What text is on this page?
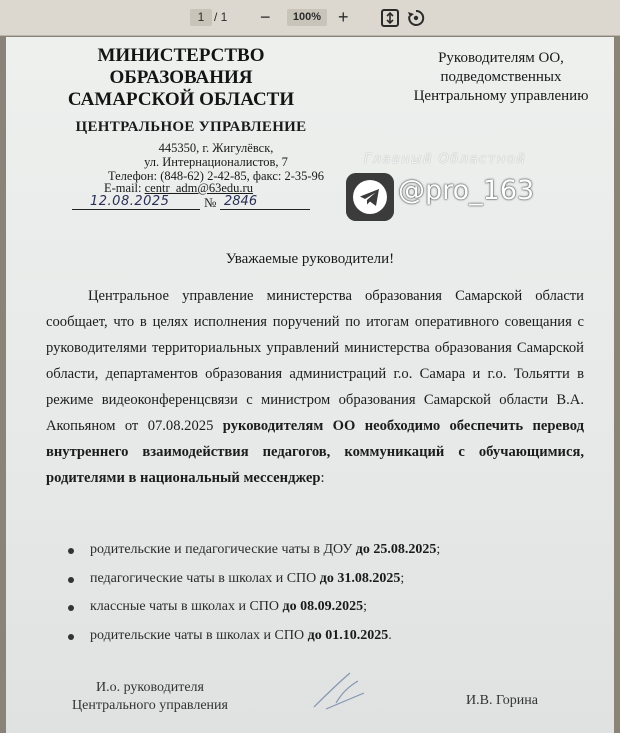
1 / 1 −	100% +
МИНИСТЕРСТВО
ОБРАЗОВАНИЯ
САМАРСКОЙ ОБЛАСТИ
ЦЕНТРАЛЬНОЕ УПРАВЛЕНИЕ
445350, г. Жигулёвск,
ул. Интернационалистов, 7
Телефон: (848-62) 2-42-85, факс: 2-35-96
E-mail: centr_adm@63edu.ru
12.08.2025	№ 2846
Руководителям ОО,
подведомственных
Центральному управлению
Главный Областной
@pro_163
Уважаемые руководители!

Центральное управление министерства образования Самарской области сообщает, что в целях исполнения поручений по итогам оперативного совещания с руководителями территориальных управлений министерства образования Самарской области, департаментов образования администраций г.о. Самара и г.о. Тольятти в режиме видеоконференцсвязи с министром образования Самарской области В.А. Акопьяном от 07.08.2025 руководителям ОО необходимо обеспечить перевод внутреннего взаимодействия педагогов, коммуникаций с обучающимися, родителями в национальный мессенджер:

родительские и педагогические чаты в ДОУ до 25.08.2025;
педагогические чаты в школах и СПО до 31.08.2025;
классные чаты в школах и СПО до 08.09.2025;
родительские чаты в школах и СПО до 01.10.2025.
И.о. руководителя
Центрального управления	И.В. Горина
